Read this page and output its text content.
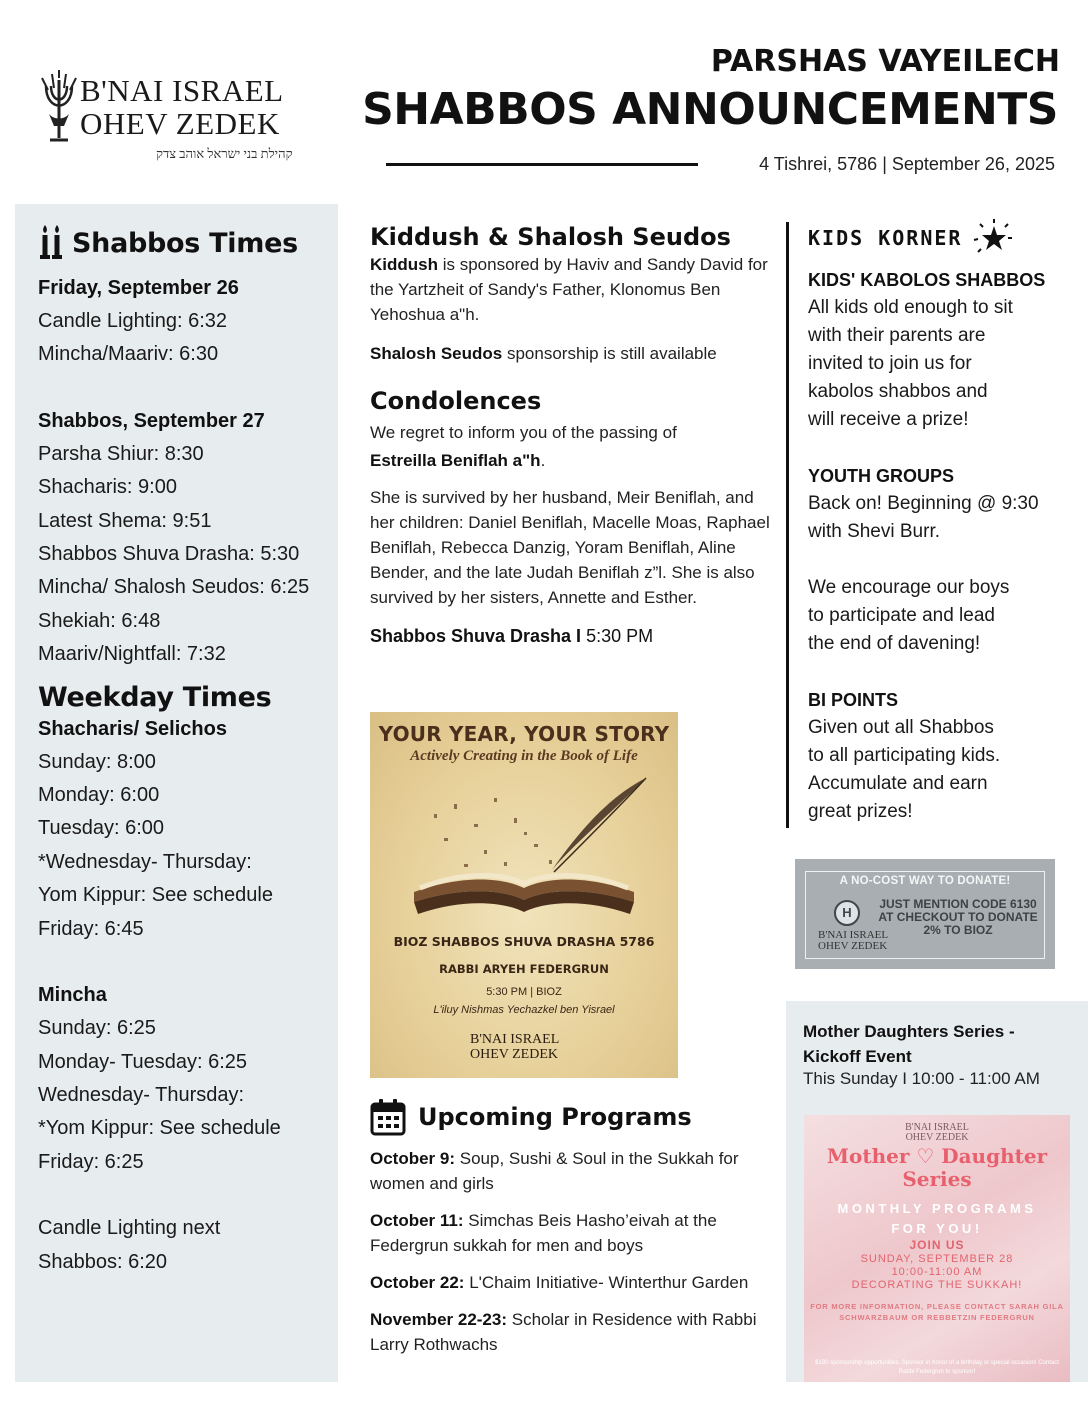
B'NAI ISRAEL
OHEV ZEDEK
קהילת בני ישראל אוהב צדק
PARSHAS VAYEILECH
SHABBOS ANNOUNCEMENTS
4 Tishrei, 5786 | September 26, 2025
Shabbos Times
Friday, September 26
Candle Lighting: 6:32
Mincha/Maariv: 6:30
Shabbos, September 27
Parsha Shiur: 8:30
Shacharis: 9:00
Latest Shema: 9:51
Shabbos Shuva Drasha: 5:30
Mincha/ Shalosh Seudos: 6:25
Shekiah: 6:48
Maariv/Nightfall: 7:32
Weekday Times
Shacharis/ Selichos
Sunday: 8:00
Monday: 6:00
Tuesday: 6:00
*Wednesday- Thursday:
Yom Kippur: See schedule
Friday: 6:45
Mincha
Sunday: 6:25
Monday- Tuesday: 6:25
Wednesday- Thursday:
*Yom Kippur: See schedule
Friday: 6:25
Candle Lighting next
Shabbos: 6:20
Kiddush & Shalosh Seudos

Kiddush is sponsored by Haviv and Sandy David for the Yartzheit of Sandy's Father, Klonomus Ben Yehoshua a"h.

Shalosh Seudos sponsorship is still available

Condolences

We regret to inform you of the passing of

Estreilla Beniflah a"h.

She is survived by her husband, Meir Beniflah, and her children: Daniel Beniflah, Macelle Moas, Raphael Beniflah, Rebecca Danzig, Yoram Beniflah, Aline Bender, and the late Judah Beniflah z”l. She is also survived by her sisters, Annette and Esther.

Shabbos Shuva Drasha I 5:30 PM

YOUR YEAR, YOUR STORY
Actively Creating in the Book of Life
BIOZ SHABBOS SHUVA DRASHA 5786
RABBI ARYEH FEDERGRUN
5:30 PM | BIOZ
L'iluy Nishmas Yechazkel ben Yisrael
B'NAI ISRAEL
OHEV ZEDEK
Upcoming Programs

October 9: Soup, Sushi & Soul in the Sukkah for women and girls

October 11: Simchas Beis Hasho’eivah at the Federgrun sukkah for men and boys

October 22: L'Chaim Initiative- Winterthur Garden

November 22-23: Scholar in Residence with Rabbi Larry Rothwachs

KIDS KORNER
KIDS' KABOLOS SHABBOS
All kids old enough to sit
with their parents are
invited to join us for
kabolos shabbos and
will receive a prize!
YOUTH GROUPS
Back on! Beginning @ 9:30
with Shevi Burr.
We encourage our boys
to participate and lead
the end of davening!
BI POINTS
Given out all Shabbos
to all participating kids.
Accumulate and earn
great prizes!
A NO-COST WAY TO DONATE!
H
B'NAI ISRAEL
OHEV ZEDEK
JUST MENTION CODE 6130 AT CHECKOUT TO DONATE 2% TO BIOZ
Mother Daughters Series -
Kickoff Event
This Sunday I 10:00 - 11:00 AM
B'NAI ISRAEL
OHEV ZEDEK
Mother ♡ Daughter
Series
MONTHLY PROGRAMS
FOR YOU!
JOIN US
SUNDAY, SEPTEMBER 28
10:00-11:00 AM
DECORATING THE SUKKAH!
FOR MORE INFORMATION, PLEASE CONTACT SARAH GILA SCHWARZBAUM OR REBBETZIN FEDERGRUN
$180 sponsorship opportunities. Sponsor in honor of a birthday or special occasion! Contact Rabbi Federgrun to sponsor!
